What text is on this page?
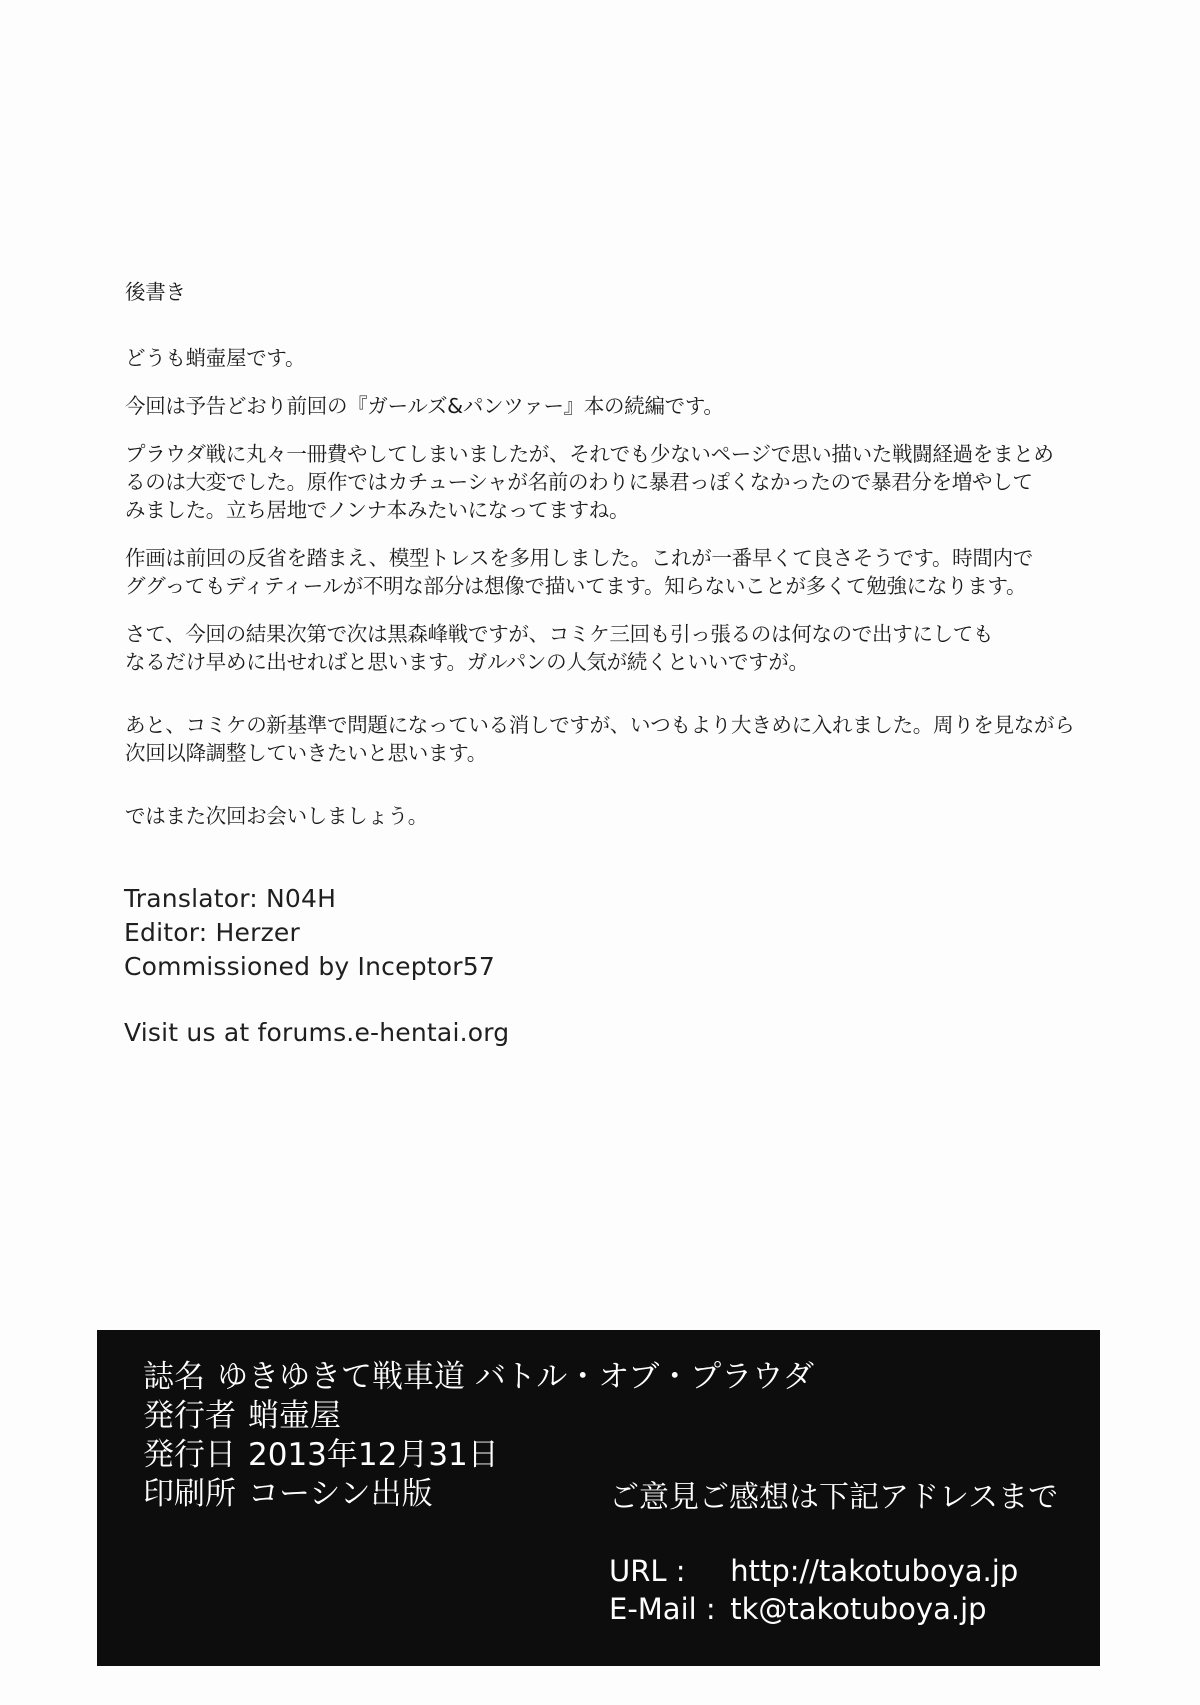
後書き

どうも蛸壷屋です。

今回は予告どおり前回の『ガールズ&パンツァー』本の続編です。

プラウダ戦に丸々一冊費やしてしまいましたが、それでも少ないページで思い描いた戦闘経過をまとめ
るのは大変でした。原作ではカチューシャが名前のわりに暴君っぽくなかったので暴君分を増やして
みました。立ち居地でノンナ本みたいになってますね。

作画は前回の反省を踏まえ、模型トレスを多用しました。これが一番早くて良さそうです。時間内で
ググってもディティールが不明な部分は想像で描いてます。知らないことが多くて勉強になります。

さて、今回の結果次第で次は黒森峰戦ですが、コミケ三回も引っ張るのは何なので出すにしても
なるだけ早めに出せればと思います。ガルパンの人気が続くといいですが。

あと、コミケの新基準で問題になっている消しですが、いつもより大きめに入れました。周りを見ながら
次回以降調整していきたいと思います。

ではまた次回お会いしましょう。

Translator: N04H
Editor: Herzer
Commissioned by Inceptor57
Visit us at forums.e-hentai.org
誌名 ゆきゆきて戦車道 バトル・オブ・プラウダ
発行者 蛸壷屋
発行日 2013年12月31日
印刷所 コーシン出版	ご意見ご感想は下記アドレスまで
URL : http://takotuboya.jp
E-Mail : tk@takotuboya.jp
